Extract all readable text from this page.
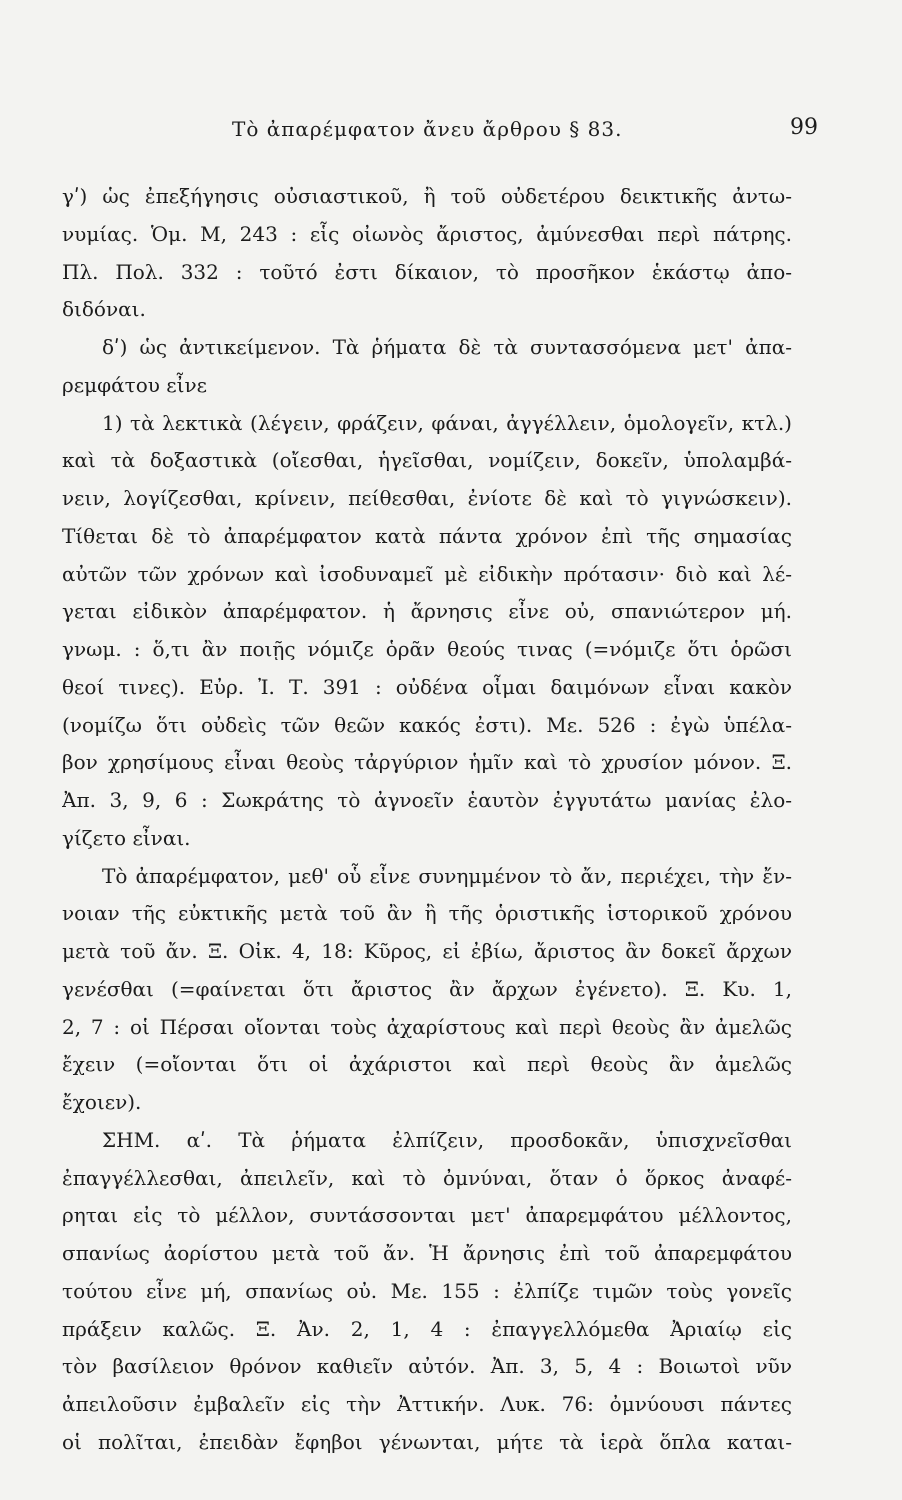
Τὸ ἀπαρέμφατον ἄνευ ἄρθρου § 83.	99
γʹ) ὡς ἐπεξήγησις οὐσιαστικοῦ, ἢ τοῦ οὐδετέρου δεικτικῆς ἀντω-
νυμίας. Ὁμ. Μ, 243 : εἷς οἰωνὸς ἄριστος, ἀμύνεσθαι περὶ πάτρης.
Πλ. Πολ. 332 : τοῦτό ἐστι δίκαιον, τὸ προσῆκον ἑκάστῳ ἀπο-
διδόναι.
δʹ) ὡς ἀντικείμενον. Τὰ ῥήματα δὲ τὰ συντασσόμενα μετ' ἀπα-
ρεμφάτου εἶνε
1) τὰ λεκτικὰ (λέγειν, φράζειν, φάναι, ἀγγέλλειν, ὁμολογεῖν, κτλ.)
καὶ τὰ δοξαστικὰ (οἴεσθαι, ἡγεῖσθαι, νομίζειν, δοκεῖν, ὑπολαμβά-
νειν, λογίζεσθαι, κρίνειν, πείθεσθαι, ἐνίοτε δὲ καὶ τὸ γιγνώσκειν).
Τίθεται δὲ τὸ ἀπαρέμφατον κατὰ πάντα χρόνον ἐπὶ τῆς σημασίας
αὐτῶν τῶν χρόνων καὶ ἰσοδυναμεῖ μὲ εἰδικὴν πρότασιν· διὸ καὶ λέ-
γεται εἰδικὸν ἀπαρέμφατον. ἡ ἄρνησις εἶνε οὐ, σπανιώτερον μή.
γνωμ. : ὅ,τι ἂν ποιῇς νόμιζε ὁρᾶν θεούς τινας (=νόμιζε ὅτι ὁρῶσι
θεοί τινες). Εὐρ. Ἰ. Τ. 391 : οὐδένα οἶμαι δαιμόνων εἶναι κακὸν
(νομίζω ὅτι οὐδεὶς τῶν θεῶν κακός ἐστι). Με. 526 : ἐγὼ ὑπέλα-
βον χρησίμους εἶναι θεοὺς τἀργύριον ἡμῖν καὶ τὸ χρυσίον μόνον. Ξ.
Ἀπ. 3, 9, 6 : Σωκράτης τὸ ἀγνοεῖν ἑαυτὸν ἐγγυτάτω μανίας ἐλο-
γίζετο εἶναι.
Τὸ ἀπαρέμφατον, μεθ' οὗ εἶνε συνημμένον τὸ ἄν, περιέχει, τὴν ἔν-
νοιαν τῆς εὐκτικῆς μετὰ τοῦ ἂν ἢ τῆς ὁριστικῆς ἱστορικοῦ χρόνου
μετὰ τοῦ ἄν. Ξ. Οἰκ. 4, 18: Κῦρος, εἰ ἐβίω, ἄριστος ἂν δοκεῖ ἄρχων
γενέσθαι (=φαίνεται ὅτι ἄριστος ἂν ἄρχων ἐγένετο). Ξ. Κυ. 1,
2, 7 : οἱ Πέρσαι οἴονται τοὺς ἀχαρίστους καὶ περὶ θεοὺς ἂν ἀμελῶς
ἔχειν (=οἴονται ὅτι οἱ ἀχάριστοι καὶ περὶ θεοὺς ἂν ἀμελῶς
ἔχοιεν).
ΣΗΜ. αʹ. Τὰ ῥήματα ἐλπίζειν, προσδοκᾶν, ὑπισχνεῖσθαι
ἐπαγγέλλεσθαι, ἀπειλεῖν, καὶ τὸ ὀμνύναι, ὅταν ὁ ὅρκος ἀναφέ-
ρηται εἰς τὸ μέλλον, συντάσσονται μετ' ἀπαρεμφάτου μέλλοντος,
σπανίως ἀορίστου μετὰ τοῦ ἄν. Ἡ ἄρνησις ἐπὶ τοῦ ἀπαρεμφάτου
τούτου εἶνε μή, σπανίως οὐ. Με. 155 : ἐλπίζε τιμῶν τοὺς γονεῖς
πράξειν καλῶς. Ξ. Ἀν. 2, 1, 4 : ἐπαγγελλόμεθα Ἀριαίῳ εἰς
τὸν βασίλειον θρόνον καθιεῖν αὐτόν. Ἀπ. 3, 5, 4 : Βοιωτοὶ νῦν
ἀπειλοῦσιν ἐμβαλεῖν εἰς τὴν Ἀττικήν. Λυκ. 76: ὀμνύουσι πάντες
οἱ πολῖται, ἐπειδὰν ἔφηβοι γένωνται, μήτε τὰ ἱερὰ ὅπλα καται-
